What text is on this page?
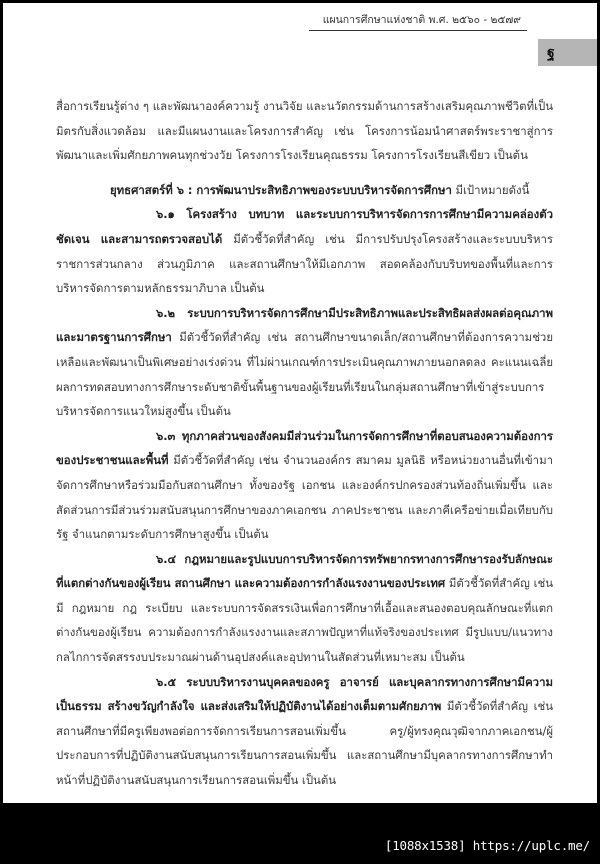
แผนการศึกษาแห่งชาติ พ.ศ. ๒๕๖๐ - ๒๕๗๙
ฐ

สื่อการเรียนรู้ต่าง ๆ และพัฒนาองค์ความรู้ งานวิจัย และนวัตกรรมด้านการสร้างเสริมคุณภาพชีวิตที่เป็นมิตรกับสิ่งแวดล้อม และมีแผนงานและโครงการสำคัญ เช่น โครงการน้อมนำศาสตร์พระราชาสู่การพัฒนาและเพิ่มศักยภาพคนทุกช่วงวัย โครงการโรงเรียนคุณธรรม โครงการโรงเรียนสีเขียว เป็นต้น

ยุทธศาสตร์ที่ ๖ : การพัฒนาประสิทธิภาพของระบบบริหารจัดการศึกษา มีเป้าหมายดังนี้

๖.๑ โครงสร้าง บทบาท และระบบการบริหารจัดการการศึกษามีความคล่องตัว ชัดเจน และสามารถตรวจสอบได้ มีตัวชี้วัดที่สำคัญ เช่น มีการปรับปรุงโครงสร้างและระบบบริหารราชการส่วนกลาง ส่วนภูมิภาค และสถานศึกษาให้มีเอกภาพ สอดคล้องกับบริบทของพื้นที่และการบริหารจัดการตามหลักธรรมาภิบาล เป็นต้น

๖.๒ ระบบการบริหารจัดการศึกษามีประสิทธิภาพและประสิทธิผลส่งผลต่อคุณภาพและมาตรฐานการศึกษา มีตัวชี้วัดที่สำคัญ เช่น สถานศึกษาขนาดเล็ก/สถานศึกษาที่ต้องการความช่วยเหลือและพัฒนาเป็นพิเศษอย่างเร่งด่วน ที่ไม่ผ่านเกณฑ์การประเมินคุณภาพภายนอกลดลง คะแนนเฉลี่ยผลการทดสอบทางการศึกษาระดับชาติขั้นพื้นฐานของผู้เรียนที่เรียนในกลุ่มสถานศึกษาที่เข้าสู่ระบบการบริหารจัดการแนวใหม่สูงขึ้น เป็นต้น

๖.๓ ทุกภาคส่วนของสังคมมีส่วนร่วมในการจัดการศึกษาที่ตอบสนองความต้องการของประชาชนและพื้นที่ มีตัวชี้วัดที่สำคัญ เช่น จำนวนองค์กร สมาคม มูลนิธิ หรือหน่วยงานอื่นที่เข้ามาจัดการศึกษาหรือร่วมมือกับสถานศึกษา ทั้งของรัฐ เอกชน และองค์กรปกครองส่วนท้องถิ่นเพิ่มขึ้น และสัดส่วนการมีส่วนร่วมสนับสนุนการศึกษาของภาคเอกชน ภาคประชาชน และภาคีเครือข่ายเมื่อเทียบกับรัฐ จำแนกตามระดับการศึกษาสูงขึ้น เป็นต้น

๖.๔ กฎหมายและรูปแบบการบริหารจัดการทรัพยากรทางการศึกษารองรับลักษณะที่แตกต่างกันของผู้เรียน สถานศึกษา และความต้องการกำลังแรงงานของประเทศ มีตัวชี้วัดที่สำคัญ เช่น มี กฎหมาย กฎ ระเบียบ และระบบการจัดสรรเงินเพื่อการศึกษาที่เอื้อและสนองตอบคุณลักษณะที่แตกต่างกันของผู้เรียน ความต้องการกำลังแรงงานและสภาพปัญหาที่แท้จริงของประเทศ มีรูปแบบ/แนวทาง กลไกการจัดสรรงบประมาณผ่านด้านอุปสงค์และอุปทานในสัดส่วนที่เหมาะสม เป็นต้น

๖.๕ ระบบบริหารงานบุคคลของครู อาจารย์ และบุคลากรทางการศึกษามีความเป็นธรรม สร้างขวัญกำลังใจ และส่งเสริมให้ปฏิบัติงานได้อย่างเต็มตามศักยภาพ มีตัวชี้วัดที่สำคัญ เช่น สถานศึกษาที่มีครูเพียงพอต่อการจัดการเรียนการสอนเพิ่มขึ้น ครู/ผู้ทรงคุณวุฒิจากภาคเอกชน/ผู้ประกอบการที่ปฏิบัติงานสนับสนุนการเรียนการสอนเพิ่มขึ้น และสถานศึกษามีบุคลากรทางการศึกษาทำหน้าที่ปฏิบัติงานสนับสนุนการเรียนการสอนเพิ่มขึ้น เป็นต้น

[1088x1538] https://uplc.me/
